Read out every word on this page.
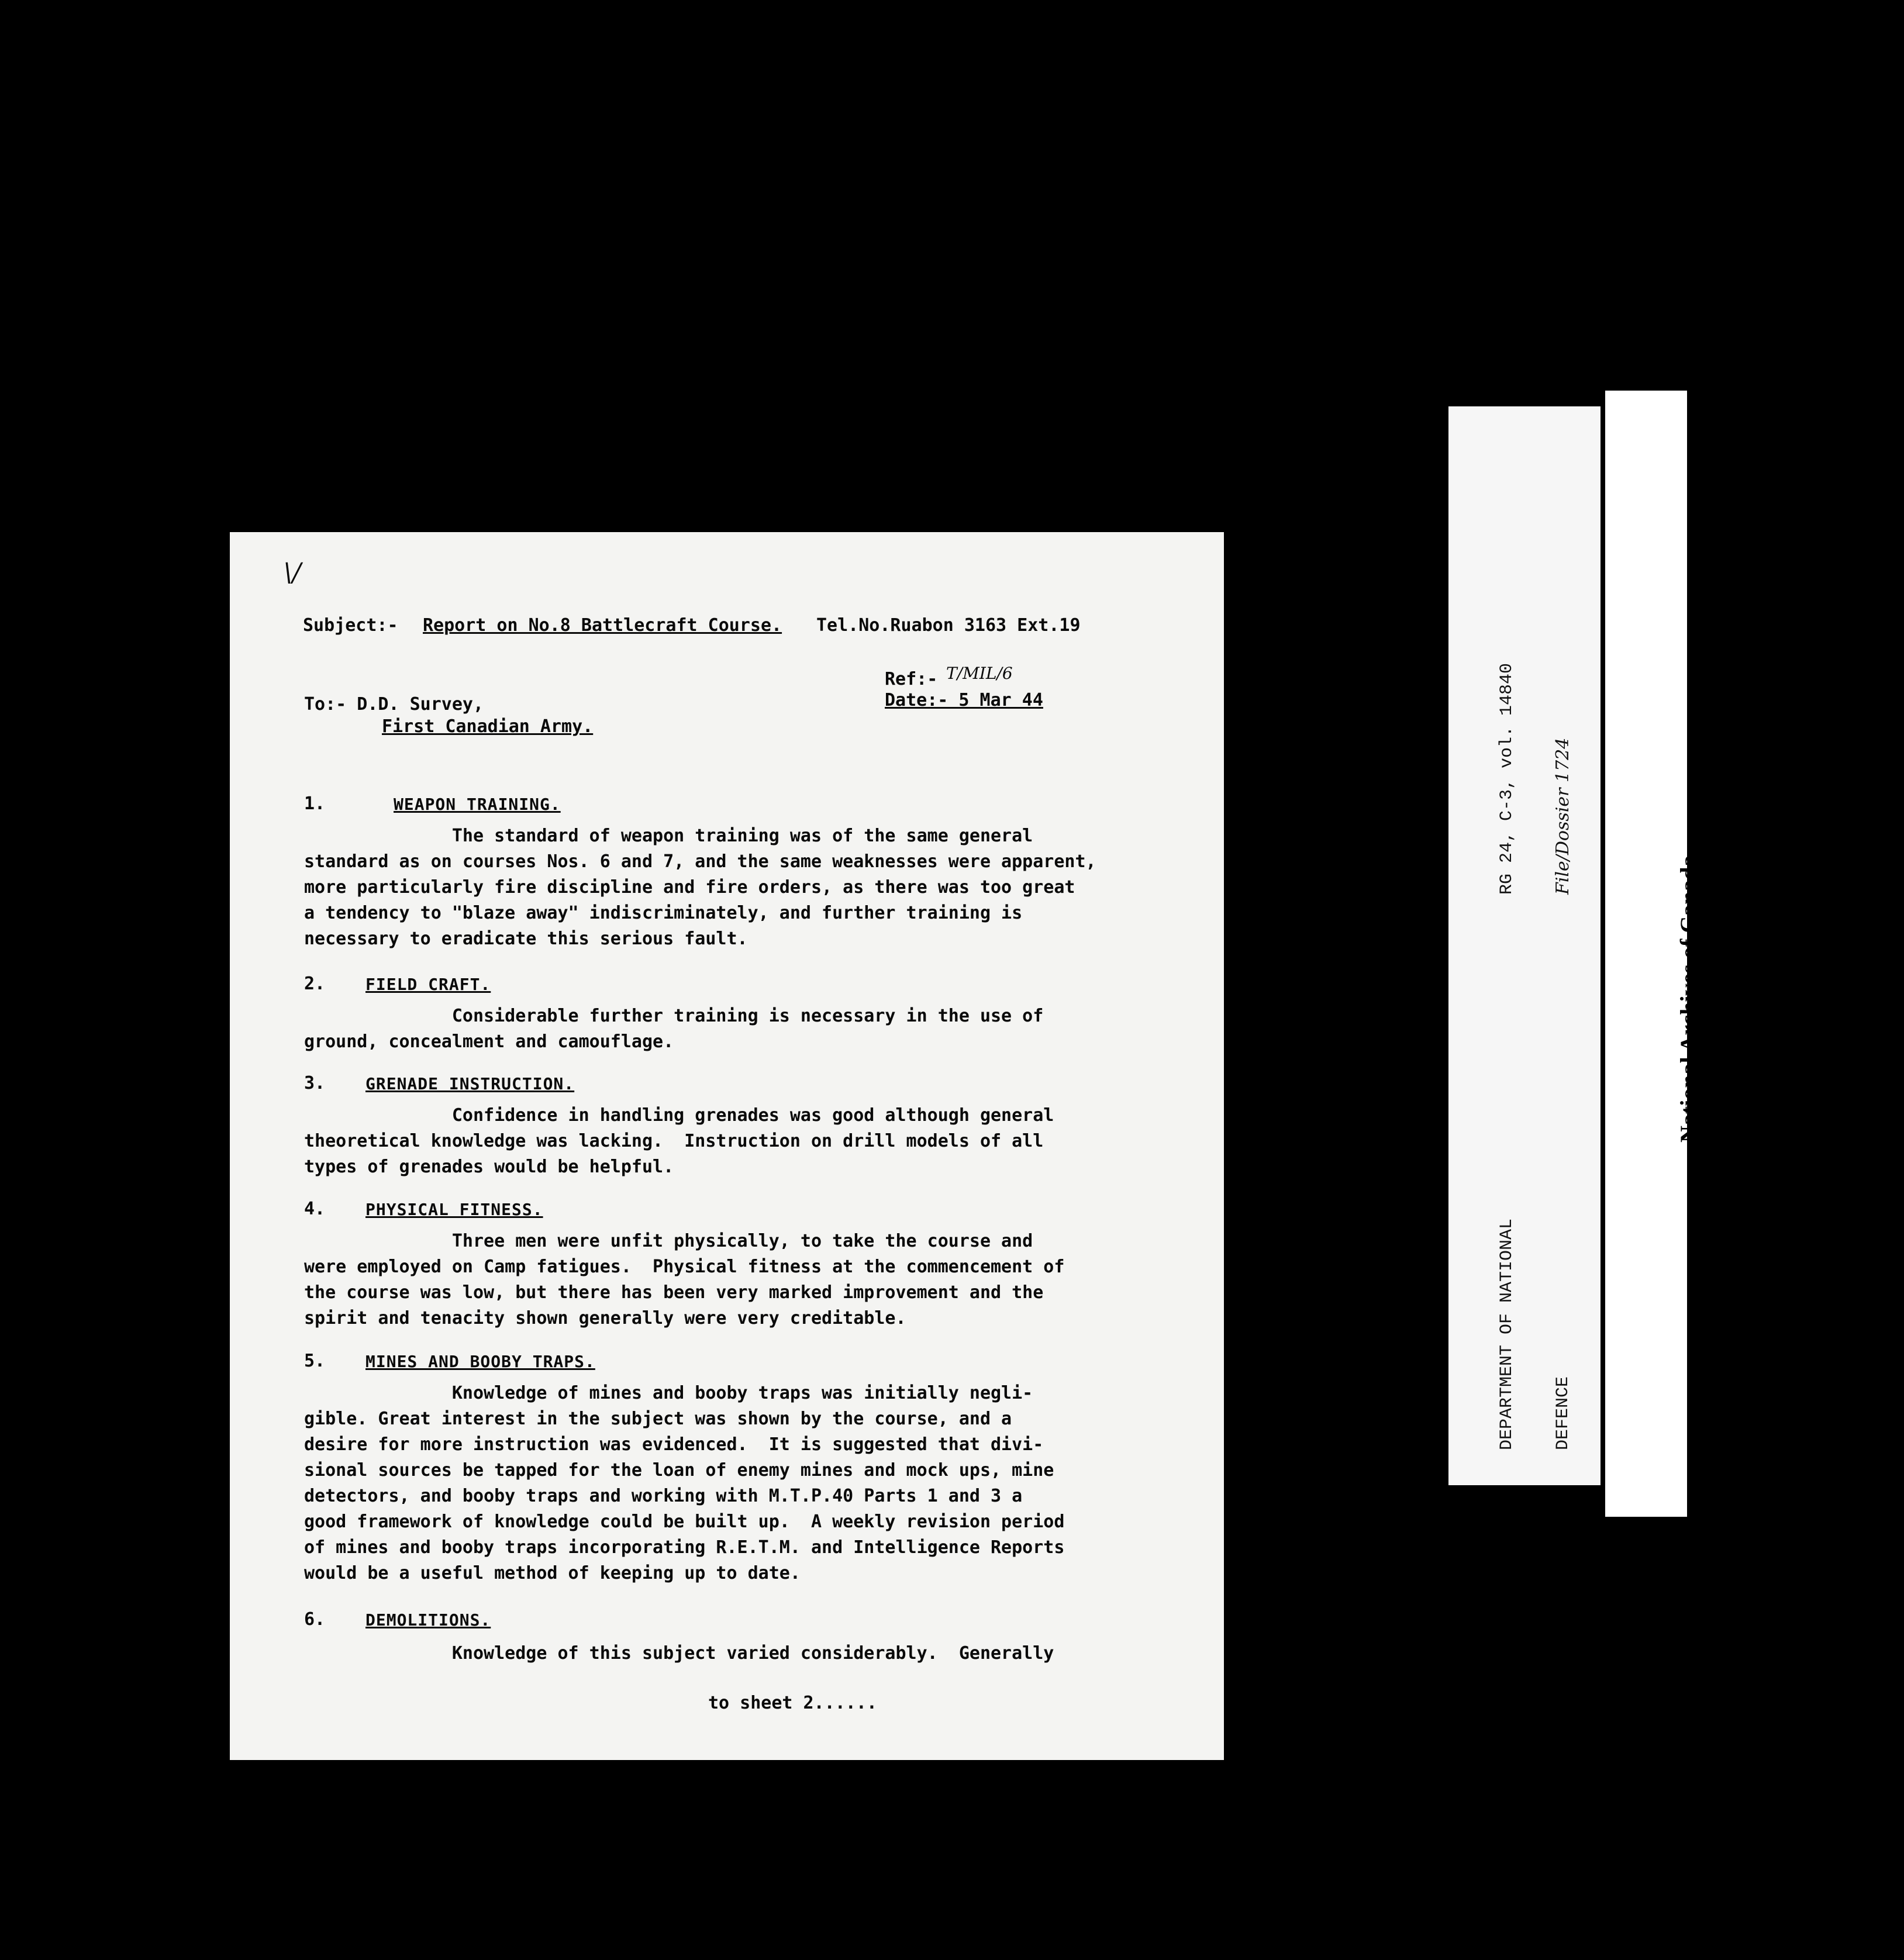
\/
Subject:- Report on No.8 Battlecraft Course. Tel.No.Ruabon 3163 Ext.19
Ref:- T/MIL/6
Date:- 5 Mar 44
To:- D.D. Survey,
First Canadian Army.
1.	WEAPON TRAINING.
The standard of weapon training was of the same general
standard as on courses Nos. 6 and 7, and the same weaknesses were apparent,
more particularly fire discipline and fire orders, as there was too great
a tendency to "blaze away" indiscriminately, and further training is
necessary to eradicate this serious fault.
2. FIELD CRAFT.
Considerable further training is necessary in the use of
ground, concealment and camouflage.
3. GRENADE INSTRUCTION.
Confidence in handling grenades was good although general
theoretical knowledge was lacking.  Instruction on drill models of all
types of grenades would be helpful.
4. PHYSICAL FITNESS.
Three men were unfit physically, to take the course and
were employed on Camp fatigues.  Physical fitness at the commencement of
the course was low, but there has been very marked improvement and the
spirit and tenacity shown generally were very creditable.
5. MINES AND BOOBY TRAPS.
Knowledge of mines and booby traps was initially negli-
gible. Great interest in the subject was shown by the course, and a
desire for more instruction was evidenced.  It is suggested that divi-
sional sources be tapped for the loan of enemy mines and mock ups, mine
detectors, and booby traps and working with M.T.P.40 Parts 1 and 3 a
good framework of knowledge could be built up.  A weekly revision period
of mines and booby traps incorporating R.E.T.M. and Intelligence Reports
would be a useful method of keeping up to date.
6. DEMOLITIONS.
Knowledge of this subject varied considerably.  Generally
to sheet 2......

DEPARTMENT OF NATIONAL

DEFENCE

RG 24, C-3, vol. 14840

File/Dossier 1724

National Archives of Canada

	Archives nationales du Canada
